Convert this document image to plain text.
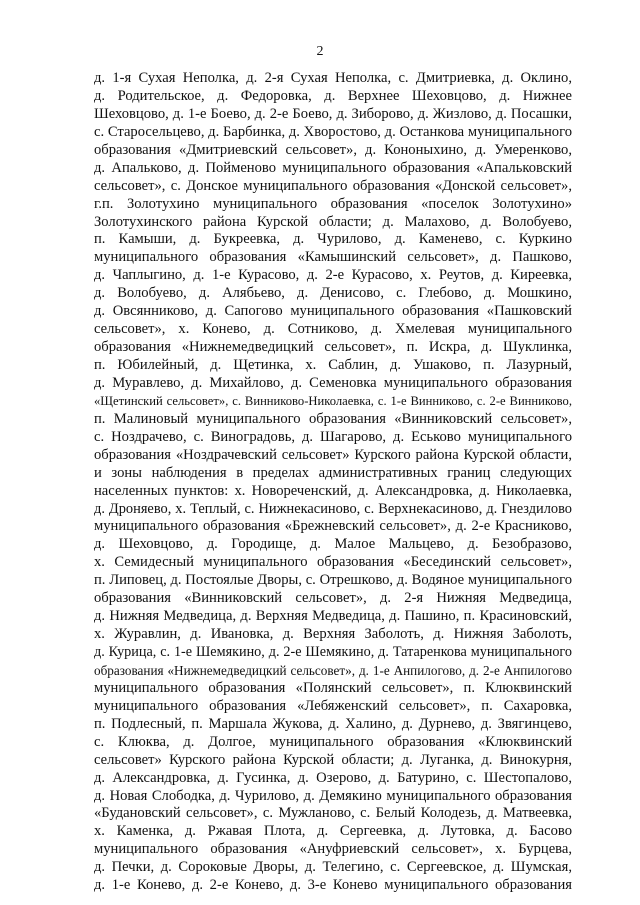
2
д. 1-я Сухая Неполка, д. 2-я Сухая Неполка, с. Дмитриевка, д. Оклино,
д. Родительское, д. Федоровка, д. Верхнее Шеховцово, д. Нижнее
Шеховцово, д. 1-е Боево, д. 2-е Боево, д. Зиборово, д. Жизлово, д. Посашки,
с. Старосельцево, д. Барбинка, д. Хворостово, д. Останкова муниципального
образования «Дмитриевский сельсовет», д. Кононыхино, д. Умеренково,
д. Апальково, д. Пойменово муниципального образования «Апальковский
сельсовет», с. Донское муниципального образования «Донской сельсовет»,
г.п. Золотухино муниципального образования «поселок Золотухино»
Золотухинского района Курской области; д. Малахово, д. Волобуево,
п. Камыши, д. Букреевка, д. Чурилово, д. Каменево, с. Куркино
муниципального образования «Камышинский сельсовет», д. Пашково,
д. Чаплыгино, д. 1-е Курасово, д. 2-е Курасово, х. Реутов, д. Киреевка,
д. Волобуево, д. Алябьево, д. Денисово, с. Глебово, д. Мошкино,
д. Овсянниково, д. Сапогово муниципального образования «Пашковский
сельсовет», х. Конево, д. Сотниково, д. Хмелевая муниципального
образования «Нижнемедведицкий сельсовет», п. Искра, д. Шуклинка,
п. Юбилейный, д. Щетинка, х. Саблин, д. Ушаково, п. Лазурный,
д. Муравлево, д. Михайлово, д. Семеновка муниципального образования
«Щетинский сельсовет», с. Винниково-Николаевка, с. 1-е Винниково, с. 2-е Винниково,
п. Малиновый муниципального образования «Винниковский сельсовет»,
с. Ноздрачево, с. Виноградовь, д. Шагарово, д. Еськово муниципального
образования «Ноздрачевский сельсовет» Курского района Курской области,
и зоны наблюдения в пределах административных границ следующих
населенных пунктов: х. Новореченский, д. Александровка, д. Николаевка,
д. Дроняево, х. Теплый, с. Нижнекасиново, с. Верхнекасиново, д. Гнездилово
муниципального образования «Брежневский сельсовет», д. 2-е Красниково,
д. Шеховцово, д. Городище, д. Малое Мальцево, д. Безобразово,
х. Семидесный муниципального образования «Бесединский сельсовет»,
п. Липовец, д. Постоялые Дворы, с. Отрешково, д. Водяное муниципального
образования «Винниковский сельсовет», д. 2-я Нижняя Медведица,
д. Нижняя Медведица, д. Верхняя Медведица, д. Пашино, п. Красиновский,
х. Журавлин, д. Ивановка, д. Верхняя Заболоть, д. Нижняя Заболоть,
д. Курица, с. 1-е Шемякино, д. 2-е Шемякино, д. Татаренкова муниципального
образования «Нижнемедведицкий сельсовет», д. 1-е Анпилогово, д. 2-е Анпилогово
муниципального образования «Полянский сельсовет», п. Клюквинский
муниципального образования «Лебяженский сельсовет», п. Сахаровка,
п. Подлесный, п. Маршала Жукова, д. Халино, д. Дурнево, д. Звягинцево,
с. Клюква, д. Долгое, муниципального образования «Клюквинский
сельсовет» Курского района Курской области; д. Луганка, д. Винокурня,
д. Александровка, д. Гусинка, д. Озерово, д. Батурино, с. Шестопалово,
д. Новая Слободка, д. Чурилово, д. Демякино муниципального образования
«Будановский сельсовет», с. Мужланово, с. Белый Колодезь, д. Матвеевка,
х. Каменка, д. Ржавая Плота, д. Сергеевка, д. Лутовка, д. Басово
муниципального образования «Ануфриевский сельсовет», х. Бурцева,
д. Печки, д. Сороковые Дворы, д. Телегино, с. Сергеевское, д. Шумская,
д. 1-е Конево, д. 2-е Конево, д. 3-е Конево муниципального образования
